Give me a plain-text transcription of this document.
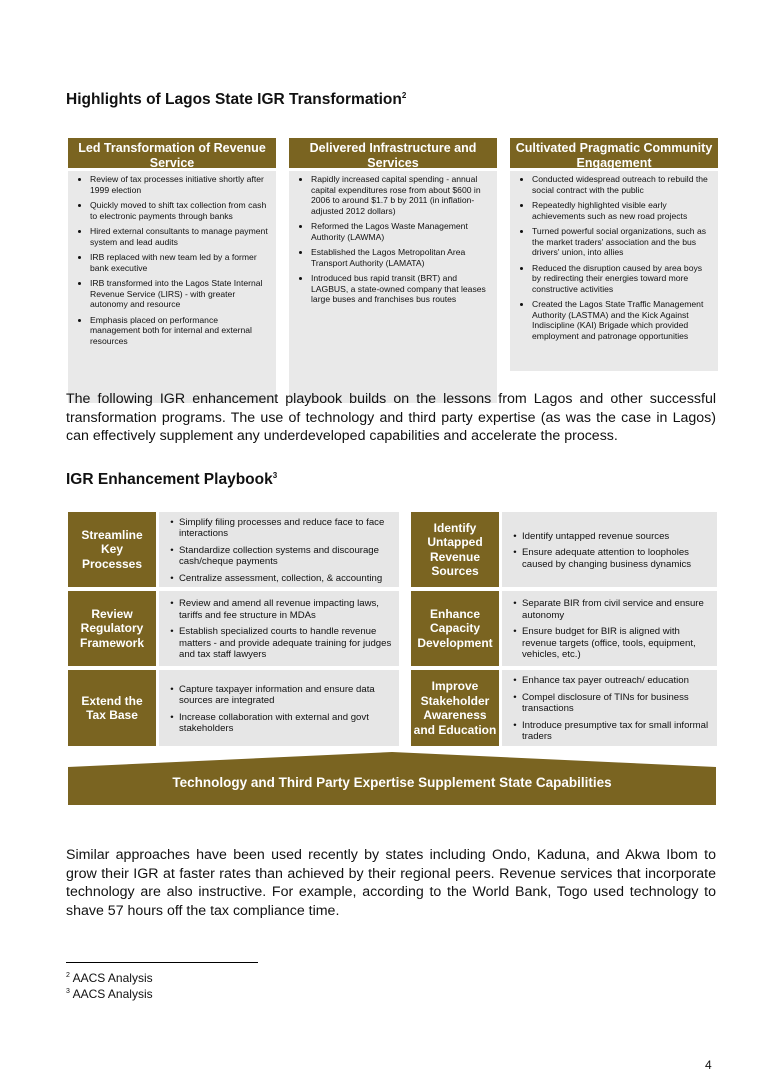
Highlights of Lagos State IGR Transformation$^2$
Led Transformation of Revenue Service
• Review of tax processes initiative shortly after 1999 election
• Quickly moved to shift tax collection from cash to electronic payments through banks
• Hired external consultants to manage payment system and lead audits
• IRB replaced with new team led by a former bank executive
• IRB transformed into the Lagos State Internal Revenue Service (LIRS) - with greater autonomy and resource
• Emphasis placed on performance management both for internal and external resources
Delivered Infrastructure and Services
• Rapidly increased capital spending - annual capital expenditures rose from about $600 in 2006 to around $1.7 b by 2011 (in inflation-adjusted 2012 dollars)
• Reformed the Lagos Waste Management Authority (LAWMA)
• Established the Lagos Metropolitan Area Transport Authority (LAMATA)
• Introduced bus rapid transit (BRT) and LAGBUS, a state-owned company that leases large buses and franchises bus routes
Cultivated Pragmatic Community Engagement
• Conducted widespread outreach to rebuild the social contract with the public
• Repeatedly highlighted visible early achievements such as new road projects
• Turned powerful social organizations, such as the market traders' association and the bus drivers' union, into allies
• Reduced the disruption caused by area boys by redirecting their energies toward more constructive activities
• Created the Lagos State Traffic Management Authority (LASTMA) and the Kick Against Indiscipline (KAI) Brigade which provided employment and patronage opportunities

The following IGR enhancement playbook builds on the lessons from Lagos and other successful transformation programs. The use of technology and third party expertise (as was the case in Lagos) can effectively supplement any underdeveloped capabilities and accelerate the process.

IGR Enhancement Playbook$^3$
Streamline Key Processes
• Simplify filing processes and reduce face to face interactions
• Standardize collection systems and discourage cash/cheque payments
• Centralize assessment, collection, & accounting
Identify Untapped Revenue Sources
• Identify untapped revenue sources
• Ensure adequate attention to loopholes caused by changing business dynamics
Review Regulatory Framework
• Review and amend all revenue impacting laws, tariffs and fee structure in MDAs
• Establish specialized courts to handle revenue matters - and provide adequate training for judges and tax staff lawyers
Enhance Capacity Development
• Separate BIR from civil service and ensure autonomy
• Ensure budget for BIR is aligned with revenue targets (office, tools, equipment, vehicles, etc.)
Extend the Tax Base
• Capture taxpayer information and ensure data sources are integrated
• Increase collaboration with external and govt stakeholders
Improve Stakeholder Awareness and Education
• Enhance tax payer outreach/ education
• Compel disclosure of TINs for business transactions
• Introduce presumptive tax for small informal traders
Technology and Third Party Expertise Supplement State Capabilities

Similar approaches have been used recently by states including Ondo, Kaduna, and Akwa Ibom to grow their IGR at faster rates than achieved by their regional peers. Revenue services that incorporate technology are also instructive. For example, according to the World Bank, Togo used technology to shave 57 hours off the tax compliance time.

$^2$ AACS Analysis
$^3$ AACS Analysis
4
